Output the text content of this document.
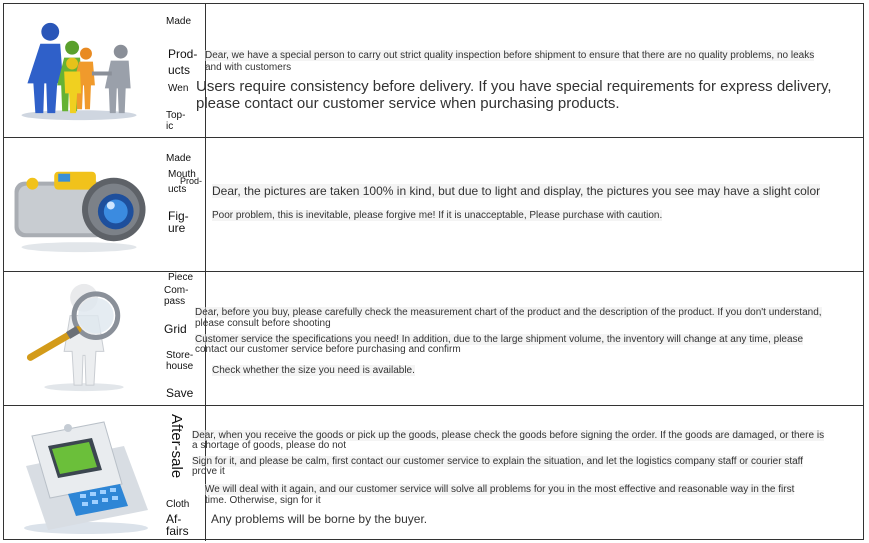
Made
Prod-
ucts
Wen
Top-
ic
Dear, we have a special person to carry out strict quality inspection before shipment to ensure that there are no quality problems, no leaks
and with customers
Users require consistency before delivery. If you have special requirements for express delivery,
please contact our customer service when purchasing products.
Made
Mouth
Prod-
ucts
Fig-
ure
Dear, the pictures are taken 100% in kind, but due to light and display, the pictures you see may have a slight color
Poor problem, this is inevitable, please forgive me! If it is unacceptable, Please purchase with caution.
Piece
Com-
pass
Grid
Store-
house
Save
Dear, before you buy, please carefully check the measurement chart of the product and the description of the product. If you don't understand,
please consult before shooting
Customer service the specifications you need! In addition, due to the large shipment volume, the inventory will change at any time, please
contact our customer service before purchasing and confirm
Check whether the size you need is available.
After-sale
Cloth
Af-
fairs
Dear, when you receive the goods or pick up the goods, please check the goods before signing the order. If the goods are damaged, or there is
a shortage of goods, please do not
Sign for it, and please be calm, first contact our customer service to explain the situation, and let the logistics company staff or courier staff
prove it
We will deal with it again, and our customer service will solve all problems for you in the most effective and reasonable way in the first
time. Otherwise, sign for it
Any problems will be borne by the buyer.
